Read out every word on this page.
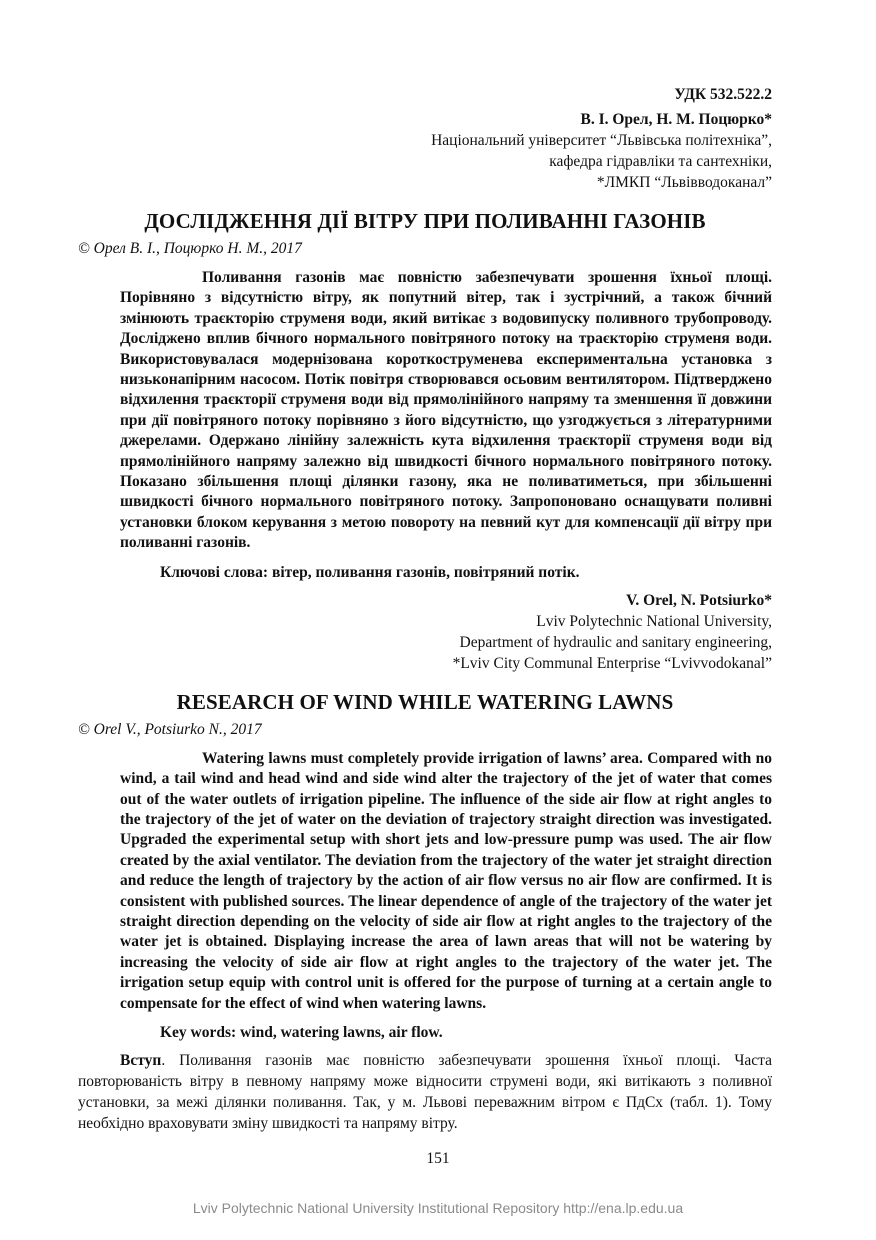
УДК 532.522.2
В. І. Орел, Н. М. Поцюрко*
Національний університет “Львівська політехніка”,
кафедра гідравліки та сантехніки,
*ЛМКП “Львівводоканал”
ДОСЛІДЖЕННЯ ДІЇ ВІТРУ ПРИ ПОЛИВАННІ ГАЗОНІВ
© Орел В. І., Поцюрко Н. М., 2017

Поливання газонів має повністю забезпечувати зрошення їхньої площі. Порівняно з відсутністю вітру, як попутний вітер, так і зустрічний, а також бічний змінюють траєкторію струменя води, який витікає з водовипуску поливного трубопроводу. Досліджено вплив бічного нормального повітряного потоку на траєкторію струменя води. Використовувалася модернізована короткоструменева експериментальна установка з низьконапірним насосом. Потік повітря створювався осьовим вентилятором. Підтверджено відхилення траєкторії струменя води від прямолінійного напряму та зменшення її довжини при дії повітряного потоку порівняно з його відсутністю, що узгоджується з літературними джерелами. Одержано лінійну залежність кута відхилення траєкторії струменя води від прямолінійного напряму залежно від швидкості бічного нормального повітряного потоку. Показано збільшення площі ділянки газону, яка не поливатиметься, при збільшенні швидкості бічного нормального повітряного потоку. Запропоновано оснащувати поливні установки блоком керування з метою повороту на певний кут для компенсації дії вітру при поливанні газонів.

Ключові слова: вітер, поливання газонів, повітряний потік.
V. Orel, N. Potsiurko*
Lviv Polytechnic National University,
Department of hydraulic and sanitary engineering,
*Lviv City Communal Enterprise “Lvivvodokanal”
RESEARCH OF WIND WHILE WATERING LAWNS
© Orel V., Potsiurko N., 2017

Watering lawns must completely provide irrigation of lawns’ area. Compared with no wind, a tail wind and head wind and side wind alter the trajectory of the jet of water that comes out of the water outlets of irrigation pipeline. The influence of the side air flow at right angles to the trajectory of the jet of water on the deviation of trajectory straight direction was investigated. Upgraded the experimental setup with short jets and low-pressure pump was used. The air flow created by the axial ventilator. The deviation from the trajectory of the water jet straight direction and reduce the length of trajectory by the action of air flow versus no air flow are confirmed. It is consistent with published sources. The linear dependence of angle of the trajectory of the water jet straight direction depending on the velocity of side air flow at right angles to the trajectory of the water jet is obtained. Displaying increase the area of lawn areas that will not be watering by increasing the velocity of side air flow at right angles to the trajectory of the water jet. The irrigation setup equip with control unit is offered for the purpose of turning at a certain angle to compensate for the effect of wind when watering lawns.

Key words: wind, watering lawns, air flow.

Вступ. Поливання газонів має повністю забезпечувати зрошення їхньої площі. Часта повторюваність вітру в певному напряму може відносити струмені води, які витікають з поливної установки, за межі ділянки поливання. Так, у м. Львові переважним вітром є ПдСх (табл. 1). Тому необхідно враховувати зміну швидкості та напряму вітру.

151
Lviv Polytechnic National University Institutional Repository http://ena.lp.edu.ua
